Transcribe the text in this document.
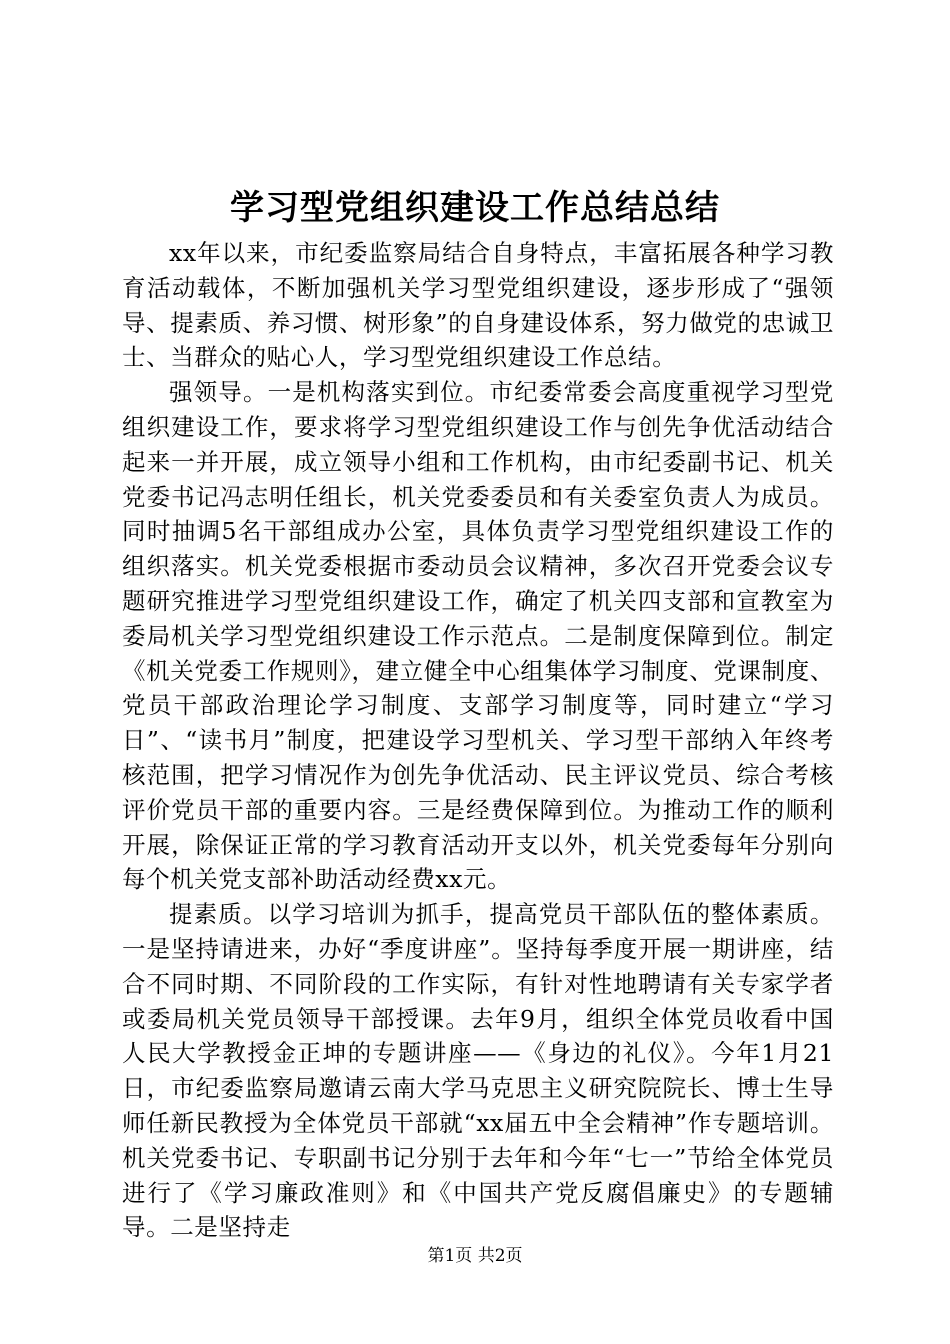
学习型党组织建设工作总结总结

xx年以来，市纪委监察局结合自身特点，丰富拓展各种学习教育活动载体，不断加强机关学习型党组织建设，逐步形成了“强领导、提素质、养习惯、树形象”的自身建设体系，努力做党的忠诚卫士、当群众的贴心人，学习型党组织建设工作总结。

强领导。一是机构落实到位。市纪委常委会高度重视学习型党组织建设工作，要求将学习型党组织建设工作与创先争优活动结合起来一并开展，成立领导小组和工作机构，由市纪委副书记、机关党委书记冯志明任组长，机关党委委员和有关委室负责人为成员。同时抽调5名干部组成办公室，具体负责学习型党组织建设工作的组织落实。机关党委根据市委动员会议精神，多次召开党委会议专题研究推进学习型党组织建设工作，确定了机关四支部和宣教室为委局机关学习型党组织建设工作示范点。二是制度保障到位。制定《机关党委工作规则》，建立健全中心组集体学习制度、党课制度、党员干部政治理论学习制度、支部学习制度等，同时建立“学习日”、“读书月”制度，把建设学习型机关、学习型干部纳入年终考核范围，把学习情况作为创先争优活动、民主评议党员、综合考核评价党员干部的重要内容。三是经费保障到位。为推动工作的顺利开展，除保证正常的学习教育活动开支以外，机关党委每年分别向每个机关党支部补助活动经费xx元。

提素质。以学习培训为抓手，提高党员干部队伍的整体素质。一是坚持请进来，办好“季度讲座”。坚持每季度开展一期讲座，结合不同时期、不同阶段的工作实际，有针对性地聘请有关专家学者或委局机关党员领导干部授课。去年9月，组织全体党员收看中国人民大学教授金正坤的专题讲座——《身边的礼仪》。今年1月21日，市纪委监察局邀请云南大学马克思主义研究院院长、博士生导师任新民教授为全体党员干部就“xx届五中全会精神”作专题培训。机关党委书记、专职副书记分别于去年和今年“七一”节给全体党员进行了《学习廉政准则》和《中国共产党反腐倡廉史》的专题辅导。二是坚持走

第1页 共2页
